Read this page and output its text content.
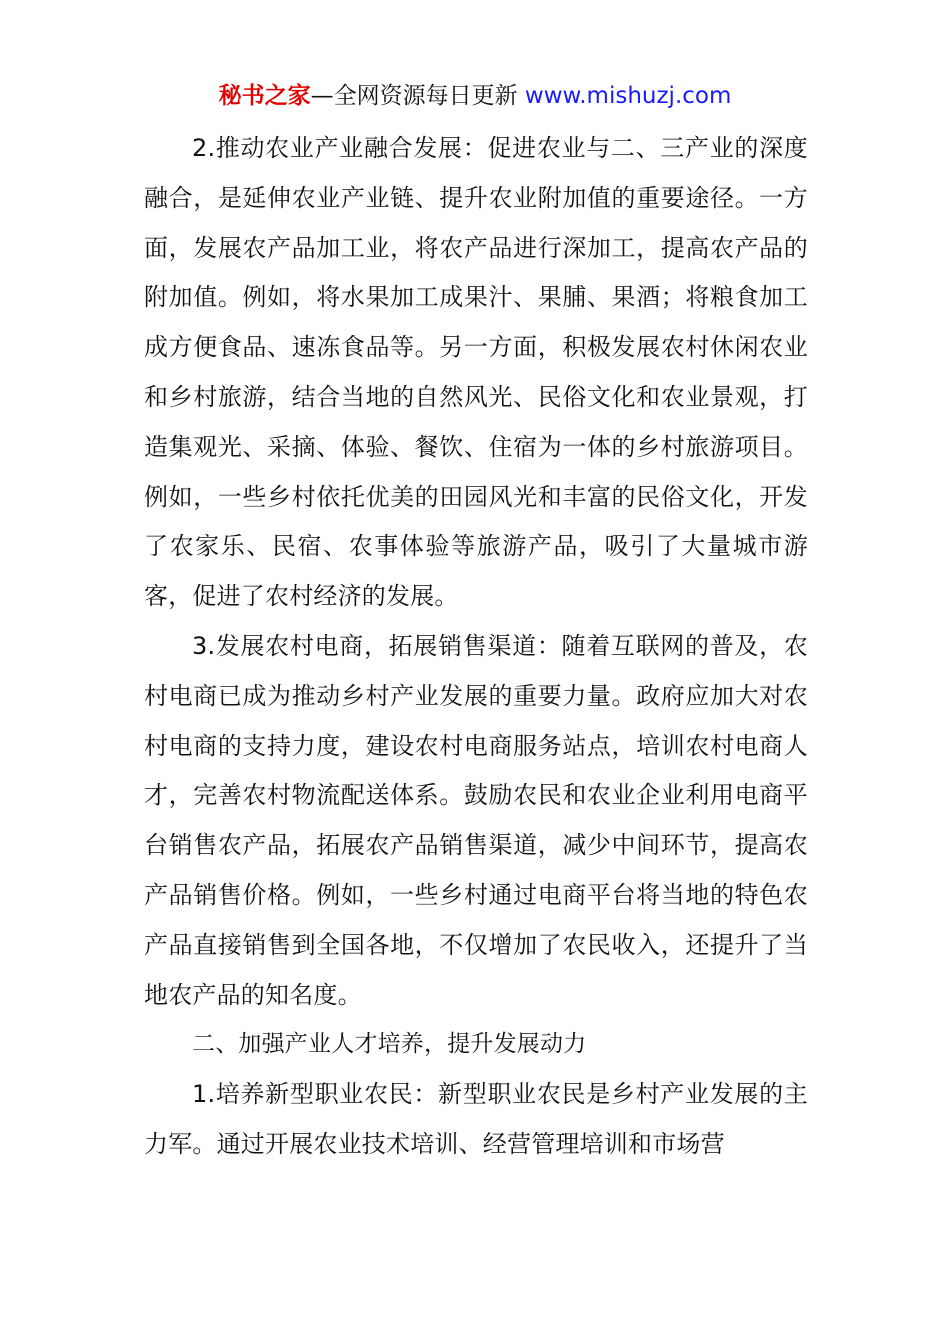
秘书之家—全网资源每日更新 www.mishuzj.com

2.推动农业产业融合发展：促进农业与二、三产业的深度融合，是延伸农业产业链、提升农业附加值的重要途径。一方面，发展农产品加工业，将农产品进行深加工，提高农产品的附加值。例如，将水果加工成果汁、果脯、果酒；将粮食加工成方便食品、速冻食品等。另一方面，积极发展农村休闲农业和乡村旅游，结合当地的自然风光、民俗文化和农业景观，打造集观光、采摘、体验、餐饮、住宿为一体的乡村旅游项目。例如，一些乡村依托优美的田园风光和丰富的民俗文化，开发了农家乐、民宿、农事体验等旅游产品，吸引了大量城市游客，促进了农村经济的发展。

3.发展农村电商，拓展销售渠道：随着互联网的普及，农村电商已成为推动乡村产业发展的重要力量。政府应加大对农村电商的支持力度，建设农村电商服务站点，培训农村电商人才，完善农村物流配送体系。鼓励农民和农业企业利用电商平台销售农产品，拓展农产品销售渠道，减少中间环节，提高农产品销售价格。例如，一些乡村通过电商平台将当地的特色农产品直接销售到全国各地，不仅增加了农民收入，还提升了当地农产品的知名度。

二、加强产业人才培养，提升发展动力

1.培养新型职业农民：新型职业农民是乡村产业发展的主力军。通过开展农业技术培训、经营管理培训和市场营
